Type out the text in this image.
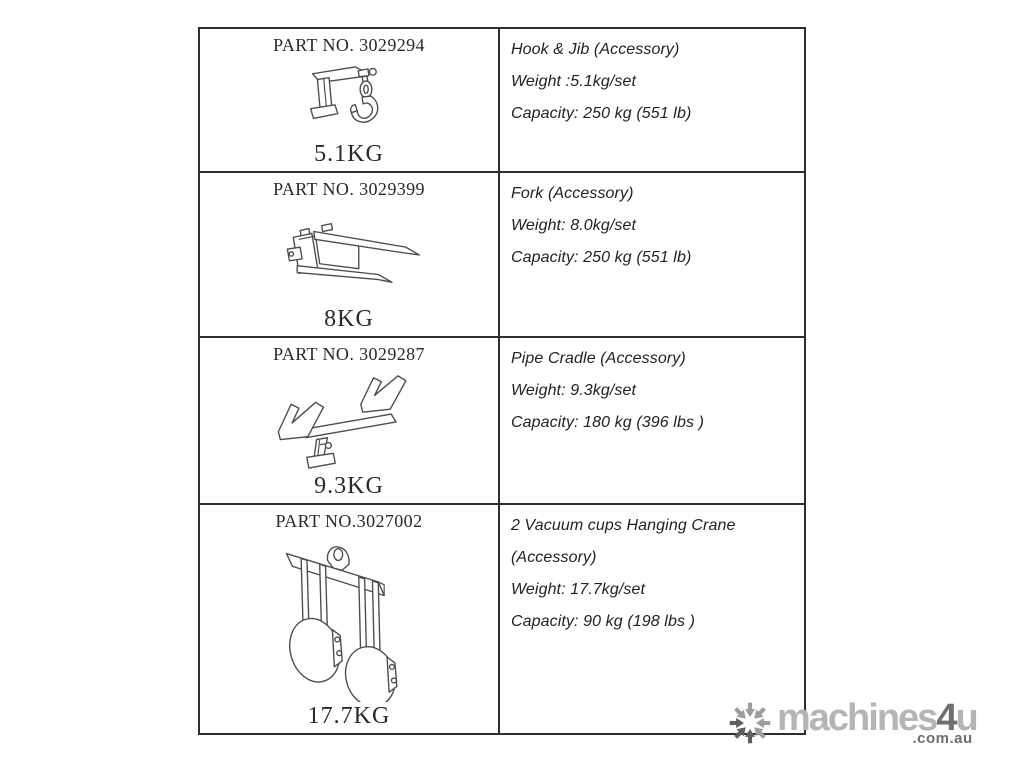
PART NO. 3029294
5.1KG
Hook & Jib (Accessory)
Weight :5.1kg/set
Capacity: 250 kg (551 lb)
PART NO. 3029399
8KG
Fork (Accessory)
Weight: 8.0kg/set
Capacity: 250 kg (551 lb)
PART NO. 3029287
9.3KG
Pipe Cradle (Accessory)
Weight: 9.3kg/set
Capacity: 180 kg (396 lbs )
PART NO.3027002
17.7KG
2 Vacuum cups Hanging Crane
(Accessory)
Weight: 17.7kg/set
Capacity: 90 kg (198 lbs )
machines4u
.com.au
